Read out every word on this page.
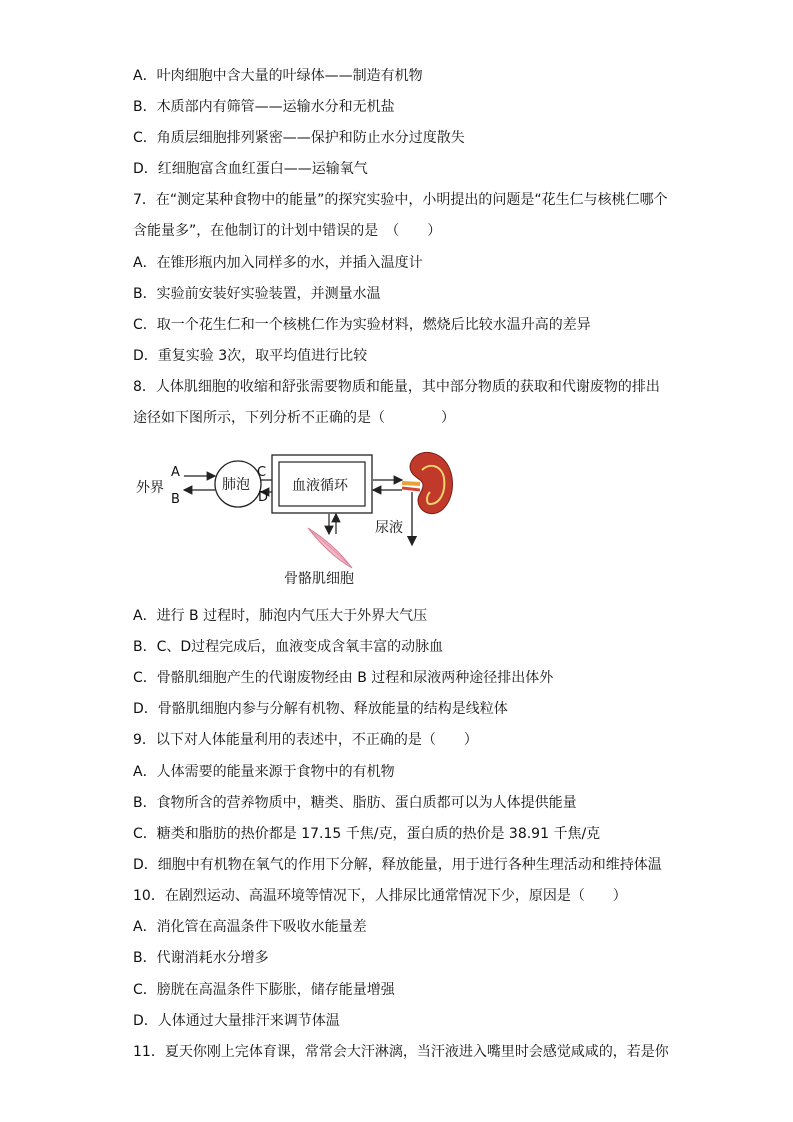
A．叶肉细胞中含大量的叶绿体——制造有机物
B．木质部内有筛管——运输水分和无机盐
C．角质层细胞排列紧密——保护和防止水分过度散失
D．红细胞富含血红蛋白——运输氧气
7．在“测定某种食物中的能量”的探究实验中，小明提出的问题是“花生仁与核桃仁哪个
含能量多”，在他制订的计划中错误的是　（　　）
A．在锥形瓶内加入同样多的水，并插入温度计
B．实验前安装好实验装置，并测量水温
C．取一个花生仁和一个核桃仁作为实验材料，燃烧后比较水温升高的差异
D．重复实验 3次，取平均值进行比较
8．人体肌细胞的收缩和舒张需要物质和能量，其中部分物质的获取和代谢废物的排出
途径如下图所示，下列分析不正确的是（　　　　）
外界
A
B
肺泡
C
D
血液循环
尿液
骨骼肌细胞
A．进行 B 过程时，肺泡内气压大于外界大气压
B．C、D过程完成后，血液变成含氧丰富的动脉血
C．骨骼肌细胞产生的代谢废物经由 B 过程和尿液两种途径排出体外
D．骨骼肌细胞内参与分解有机物、释放能量的结构是线粒体
9．以下对人体能量利用的表述中，不正确的是（　　）
A．人体需要的能量来源于食物中的有机物
B．食物所含的营养物质中，糖类、脂肪、蛋白质都可以为人体提供能量
C．糖类和脂肪的热价都是 17.15 千焦/克，蛋白质的热价是 38.91 千焦/克
D．细胞中有机物在氧气的作用下分解，释放能量，用于进行各种生理活动和维持体温
10．在剧烈运动、高温环境等情况下，人排尿比通常情况下少，原因是（　　）
A．消化管在高温条件下吸收水能量差
B．代谢消耗水分增多
C．膀胱在高温条件下膨胀，储存能量增强
D．人体通过大量排汗来调节体温
11．夏天你刚上完体育课，常常会大汗淋漓，当汗液进入嘴里时会感觉咸咸的，若是你
